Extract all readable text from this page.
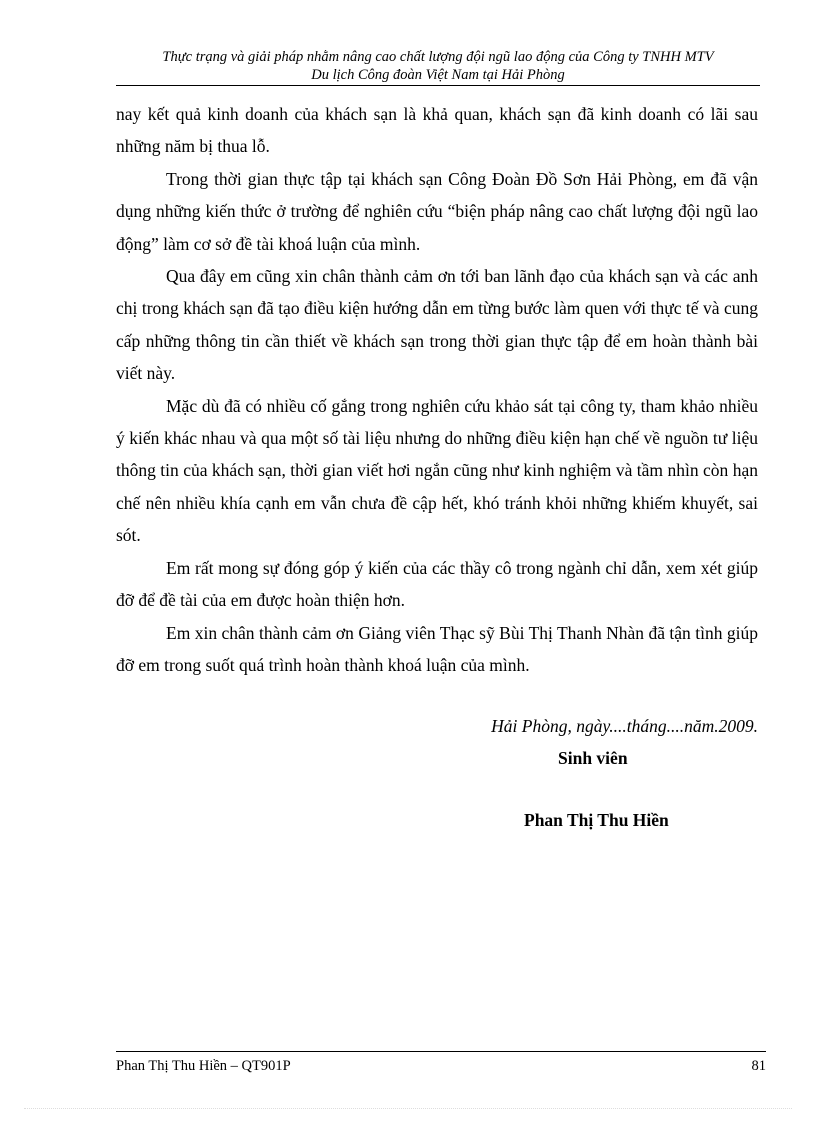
Thực trạng và giải pháp nhằm nâng cao chất lượng đội ngũ lao động của Công ty TNHH MTV
Du lịch Công đoàn Việt Nam tại Hải Phòng

nay kết quả kinh doanh của khách sạn là khả quan, khách sạn đã kinh doanh có lãi sau những năm bị thua lỗ.

Trong thời gian thực tập tại khách sạn Công Đoàn Đồ Sơn Hải Phòng, em đã vận dụng những kiến thức ở trường để nghiên cứu “biện pháp nâng cao chất lượng đội ngũ lao động” làm cơ sở đề tài khoá luận của mình.

Qua đây em cũng xin chân thành cảm ơn tới ban lãnh đạo của khách sạn và các anh chị trong khách sạn đã tạo điều kiện hướng dẫn em từng bước làm quen với thực tế và cung cấp những thông tin cần thiết về khách sạn trong thời gian thực tập để em hoàn thành bài viết này.

Mặc dù đã có nhiều cố gắng trong nghiên cứu khảo sát tại công ty, tham khảo nhiều ý kiến khác nhau và qua một số tài liệu nhưng do những điều kiện hạn chế về nguồn tư liệu thông tin của khách sạn, thời gian viết hơi ngắn cũng như kinh nghiệm và tầm nhìn còn hạn chế nên nhiều khía cạnh em vẫn chưa đề cập hết, khó tránh khỏi những khiếm khuyết, sai sót.

Em rất mong sự đóng góp ý kiến của các thầy cô trong ngành chỉ dẫn, xem xét giúp đỡ để đề tài của em được hoàn thiện hơn.

Em xin chân thành cảm ơn Giảng viên Thạc sỹ Bùi Thị Thanh Nhàn đã tận tình giúp đỡ em trong suốt quá trình hoàn thành khoá luận của mình.

Hải Phòng, ngày....tháng....năm.2009.
Sinh viên
Phan Thị Thu Hiền
Phan Thị Thu Hiền – QT901P	81
